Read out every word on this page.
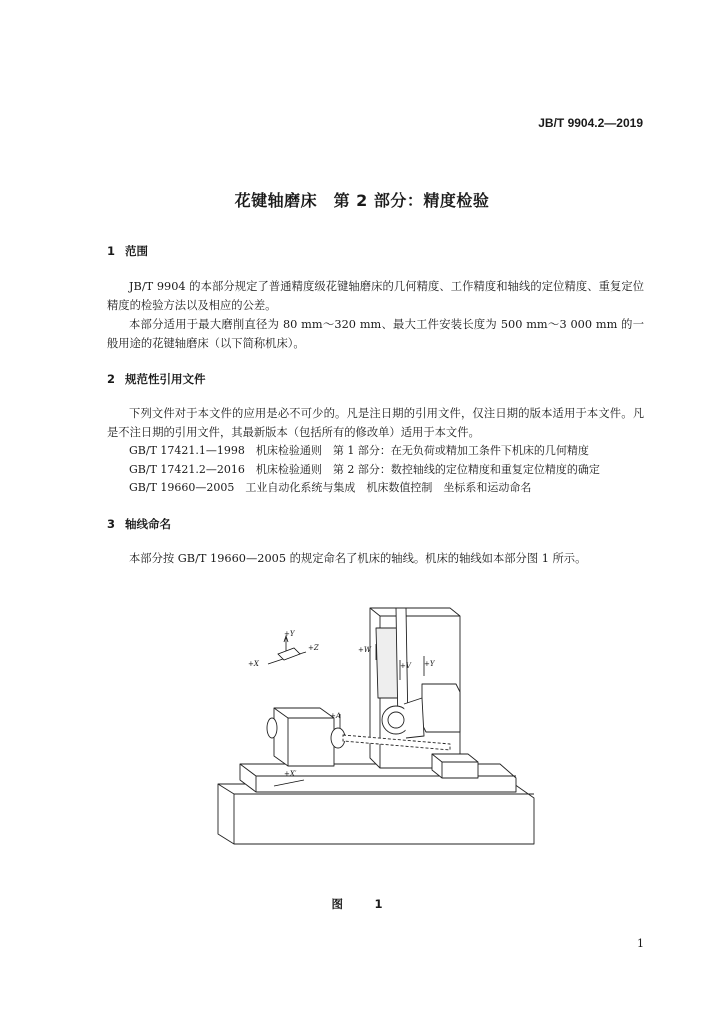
JB/T 9904.2—2019
花键轴磨床　第 2 部分：精度检验
1 范围

JB/T 9904 的本部分规定了普通精度级花键轴磨床的几何精度、工作精度和轴线的定位精度、重复定位精度的检验方法以及相应的公差。

本部分适用于最大磨削直径为 80 mm～320 mm、最大工件安装长度为 500 mm～3 000 mm 的一般用途的花键轴磨床（以下简称机床）。

2 规范性引用文件

下列文件对于本文件的应用是必不可少的。凡是注日期的引用文件，仅注日期的版本适用于本文件。凡是不注日期的引用文件，其最新版本（包括所有的修改单）适用于本文件。

GB/T 17421.1—1998　机床检验通则　第 1 部分：在无负荷或精加工条件下机床的几何精度
GB/T 17421.2—2016　机床检验通则　第 2 部分：数控轴线的定位精度和重复定位精度的确定
GB/T 19660—2005　工业自动化系统与集成　机床数值控制　坐标系和运动命名
3 轴线命名

本部分按 GB/T 19660—2005 的规定命名了机床的轴线。机床的轴线如本部分图 1 所示。

+Y
+X
+Z	+W
+V +Y
+A
+X′
图　1
1
